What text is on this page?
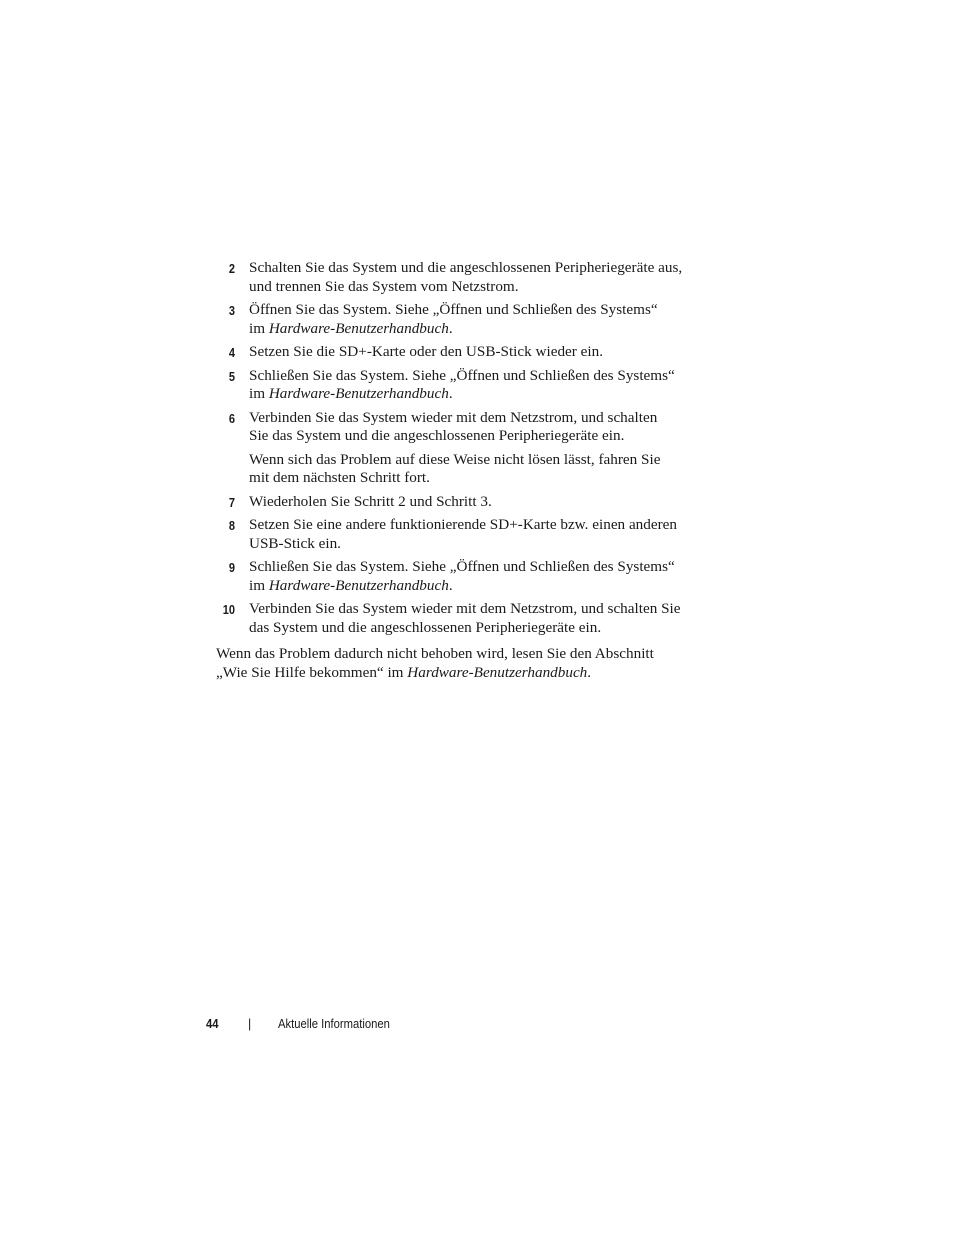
2 Schalten Sie das System und die angeschlossenen Peripheriegeräte aus,
und trennen Sie das System vom Netzstrom.
3 Öffnen Sie das System. Siehe „Öffnen und Schließen des Systems“
im Hardware-Benutzerhandbuch.
4 Setzen Sie die SD+-Karte oder den USB-Stick wieder ein.
5 Schließen Sie das System. Siehe „Öffnen und Schließen des Systems“
im Hardware-Benutzerhandbuch.
6 Verbinden Sie das System wieder mit dem Netzstrom, und schalten
Sie das System und die angeschlossenen Peripheriegeräte ein.
Wenn sich das Problem auf diese Weise nicht lösen lässt, fahren Sie
mit dem nächsten Schritt fort.
7 Wiederholen Sie Schritt 2 und Schritt 3.
8 Setzen Sie eine andere funktionierende SD+-Karte bzw. einen anderen
USB-Stick ein.
9 Schließen Sie das System. Siehe „Öffnen und Schließen des Systems“
im Hardware-Benutzerhandbuch.
10 Verbinden Sie das System wieder mit dem Netzstrom, und schalten Sie
das System und die angeschlossenen Peripheriegeräte ein.
Wenn das Problem dadurch nicht behoben wird, lesen Sie den Abschnitt
„Wie Sie Hilfe bekommen“ im Hardware-Benutzerhandbuch.
44 | Aktuelle Informationen
